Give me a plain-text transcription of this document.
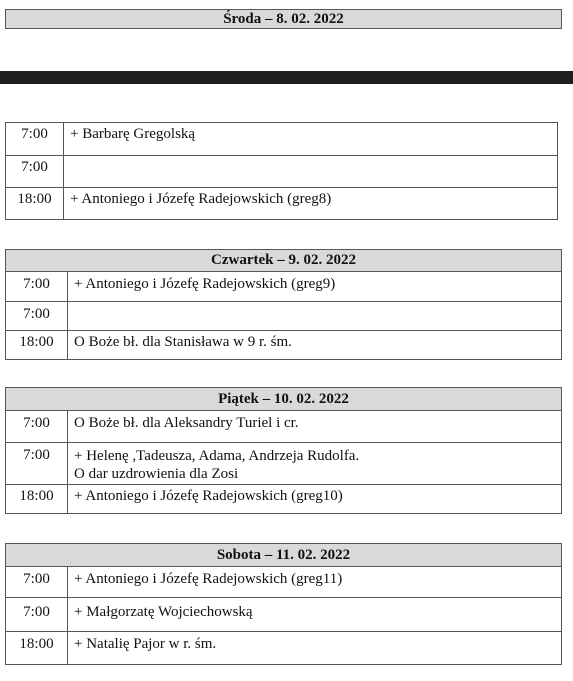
Środa – 8. 02. 2022
7:00	+ Barbarę Gregolską
7:00	
18:00	+ Antoniego i Józefę Radejowskich (greg8)
Czwartek – 9. 02. 2022
7:00	+ Antoniego i Józefę Radejowskich (greg9)
7:00	
18:00	O Boże bł. dla Stanisława w 9 r. śm.
Piątek – 10. 02. 2022
7:00	O Boże bł. dla Aleksandry Turiel i cr.
7:00	+ Helenę ,Tadeusza, Adama, Andrzeja Rudolfa.
O dar uzdrowienia dla Zosi

18:00	+ Antoniego i Józefę Radejowskich (greg10)
Sobota – 11. 02. 2022
7:00	+ Antoniego i Józefę Radejowskich (greg11)
7:00	+ Małgorzatę Wojciechowską
18:00	+ Natalię Pajor w r. śm.
